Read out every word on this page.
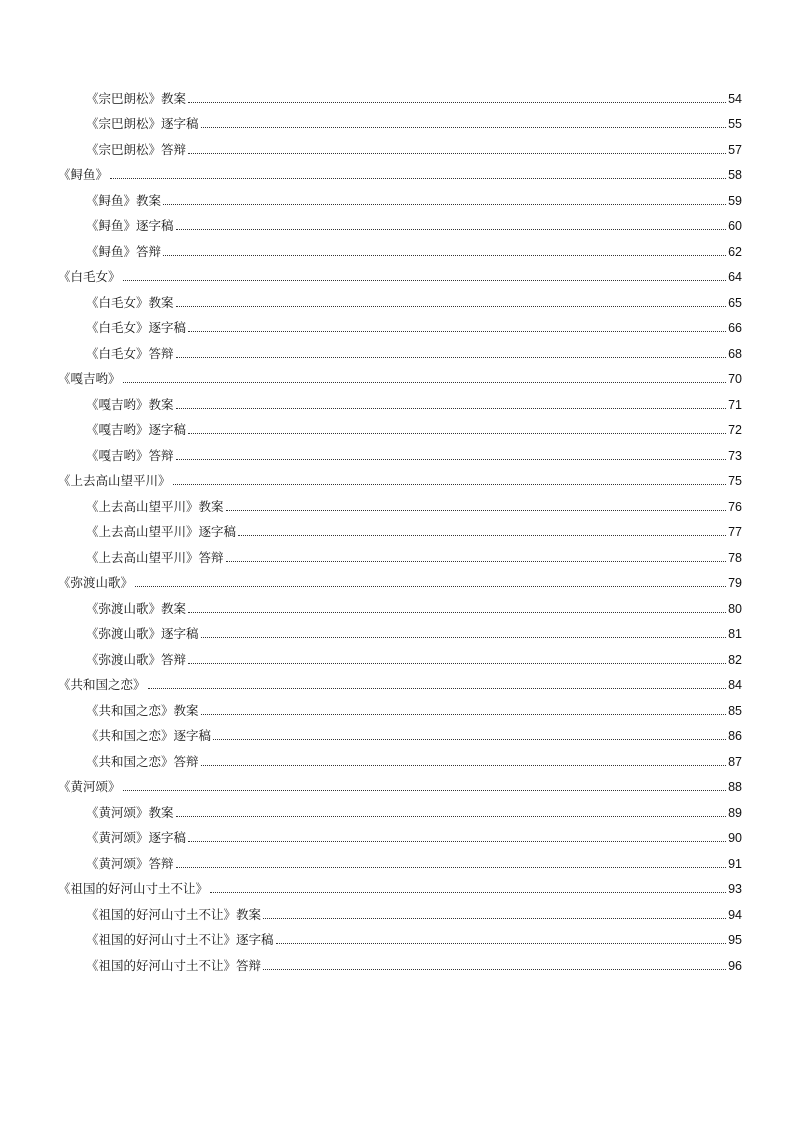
《宗巴朗松》教案	54
《宗巴朗松》逐字稿	55
《宗巴朗松》答辩	57
《鲟鱼》	58
《鲟鱼》教案	59
《鲟鱼》逐字稿	60
《鲟鱼》答辩	62
《白毛女》	64
《白毛女》教案	65
《白毛女》逐字稿	66
《白毛女》答辩	68
《嘎吉哟》	70
《嘎吉哟》教案	71
《嘎吉哟》逐字稿	72
《嘎吉哟》答辩	73
《上去高山望平川》	75
《上去高山望平川》教案	76
《上去高山望平川》逐字稿	77
《上去高山望平川》答辩	78
《弥渡山歌》	79
《弥渡山歌》教案	80
《弥渡山歌》逐字稿	81
《弥渡山歌》答辩	82
《共和国之恋》	84
《共和国之恋》教案	85
《共和国之恋》逐字稿	86
《共和国之恋》答辩	87
《黄河颂》	88
《黄河颂》教案	89
《黄河颂》逐字稿	90
《黄河颂》答辩	91
《祖国的好河山寸土不让》	93
《祖国的好河山寸土不让》教案	94
《祖国的好河山寸土不让》逐字稿	95
《祖国的好河山寸土不让》答辩	96
